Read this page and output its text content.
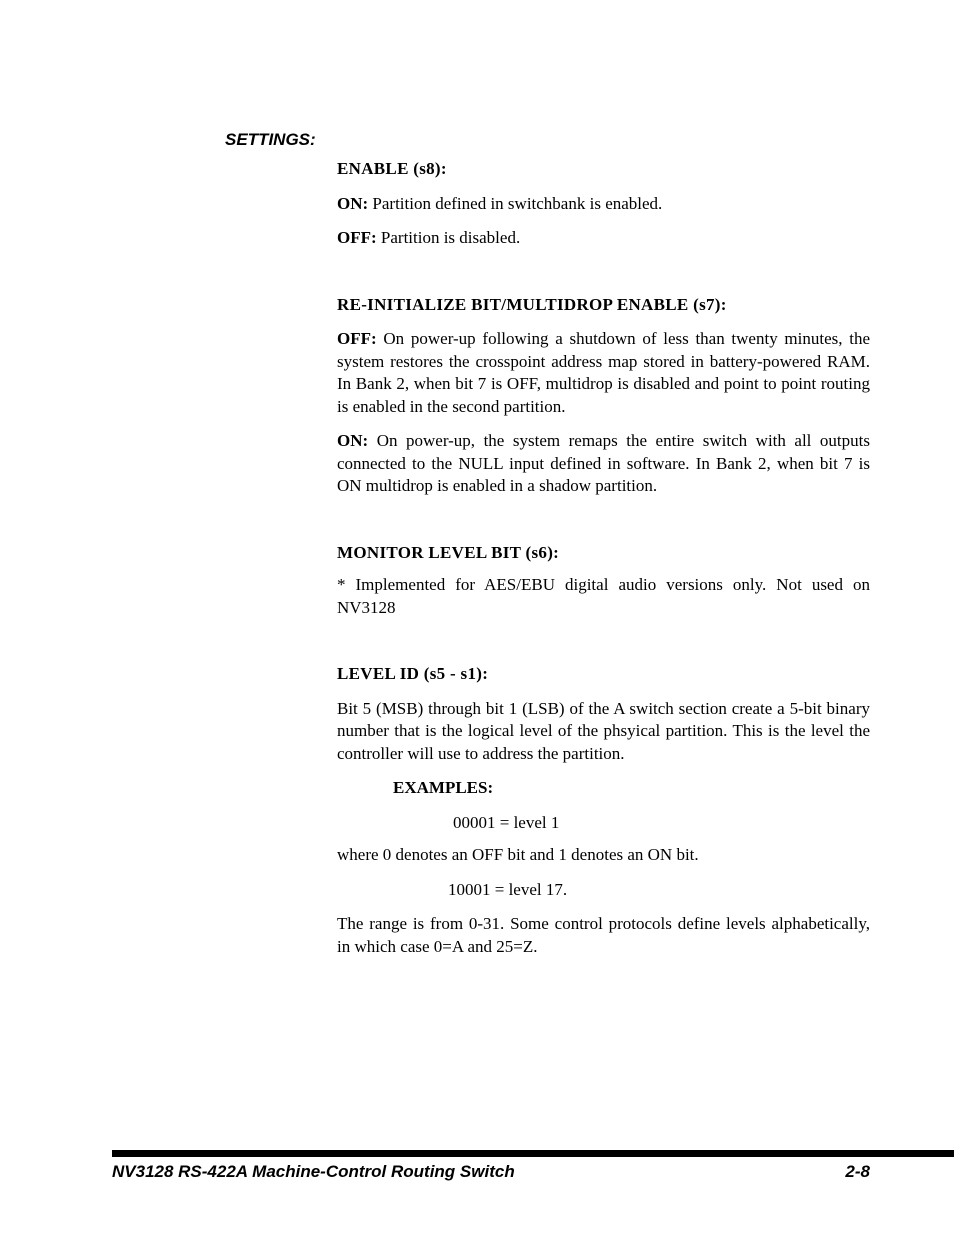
SETTINGS:

ENABLE (s8):

ON: Partition defined in switchbank is enabled.

OFF: Partition is disabled.

RE-INITIALIZE BIT/MULTIDROP ENABLE (s7):

OFF: On power-up following a shutdown of less than twenty minutes, the system restores the crosspoint address map stored in battery-powered RAM. In Bank 2, when bit 7 is OFF, multidrop is disabled and point to point routing is enabled in the second partition.

ON: On power-up, the system remaps the entire switch with all outputs connected to the NULL input defined in software. In Bank 2, when bit 7 is ON multidrop is enabled in a shadow partition.

MONITOR LEVEL BIT (s6):

* Implemented for AES/EBU digital audio versions only. Not used on NV3128

LEVEL ID (s5 - s1):

Bit 5 (MSB) through bit 1 (LSB) of the A switch section create a 5-bit binary number that is the logical level of the phsyical partition. This is the level the controller will use to address the partition.

EXAMPLES:

00001 = level 1

where 0 denotes an OFF bit and 1 denotes an ON bit.

10001 = level 17.

The range is from 0-31. Some control protocols define levels alphabetically, in which case 0=A and 25=Z.

NV3128 RS-422A Machine-Control Routing Switch	2-8
